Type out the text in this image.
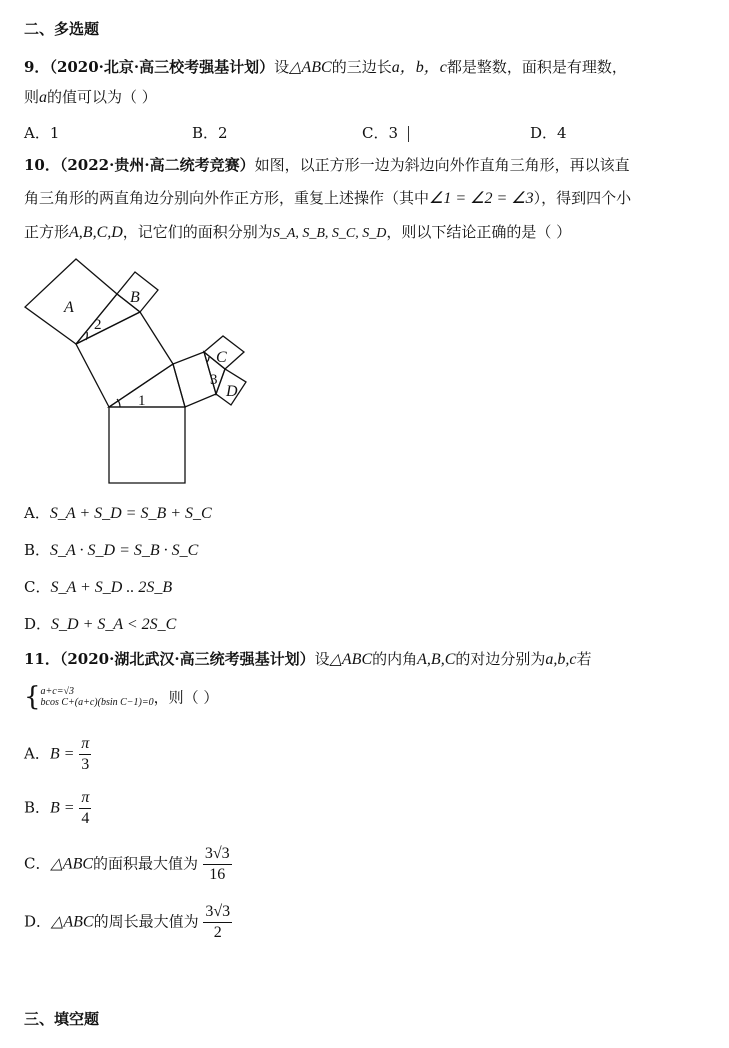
二、多选题
9．（2020·北京·高三校考强基计划）设△ABC的三边长a，b，c都是整数，面积是有理数，
则a的值可以为（ ）
A．1	B．2	C．3	D．4
10．（2022·贵州·高二统考竞赛）如图，以正方形一边为斜边向外作直角三角形，再以该直
角三角形的两直角边分别向外作正方形，重复上述操作（其中∠1 = ∠2 = ∠3），得到四个小
正方形A,B,C,D，记它们的面积分别为S_A, S_B, S_C, S_D，则以下结论正确的是（ ）
A
B
C
D
1
2
3
A．S_A + S_D = S_B + S_C
B．S_A · S_D = S_B · S_C
C．S_A + S_D .. 2S_B
D．S_D + S_A < 2S_C
11．（2020·湖北武汉·高三统考强基计划）设△ABC的内角A,B,C的对边分别为a,b,c若
{ a+c=√3
bcos C+(a+c)(bsin C−1)=0 ，则（ ）
A．$B = \frac{\pi}{3}$
B．$B = \frac{\pi}{4}$
C．△ABC的面积最大值为 $\frac{3√3}{16}$
D．△ABC的周长最大值为 $\frac{3√3}{2}$
三、填空题
